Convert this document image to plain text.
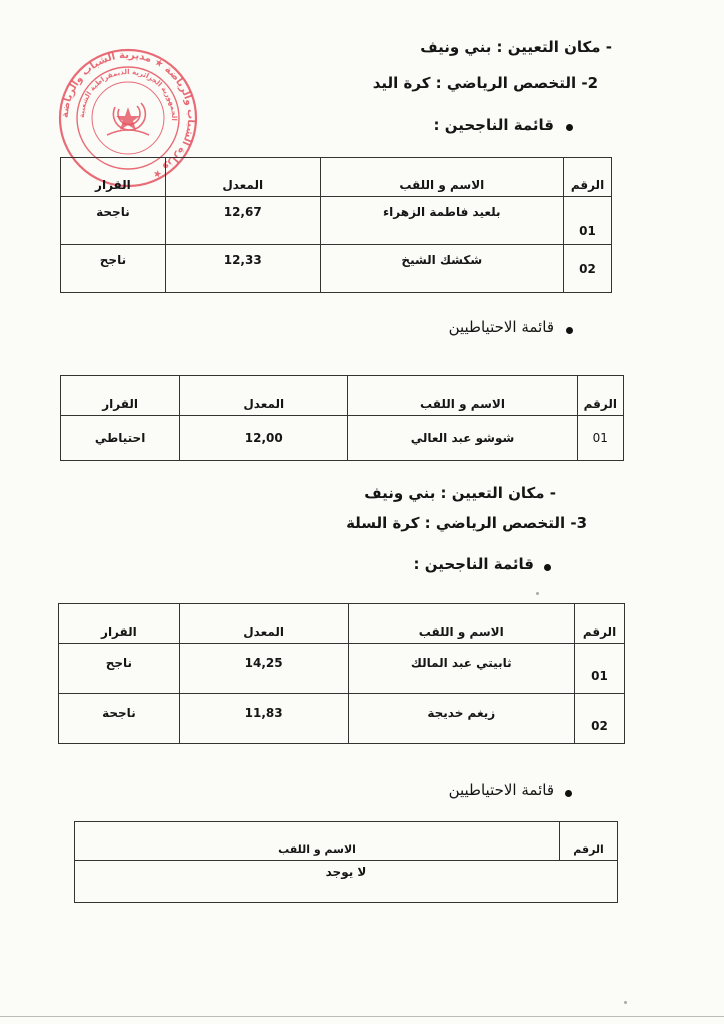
وزارة الشباب والرياضة ★ مديرية الشباب والرياضة ★
الجمهورية الجزائرية الديمقراطية الشعبية
- مكان التعيين : بني ونيف
2- التخصص الرياضي : كرة اليد
قائمة الناجحين :
الرقم	الاسم و اللقب	المعدل	القرار
01	بلعيد فاطمة الزهراء	12,67	ناجحة
02	شكشك الشيخ	12,33	ناجح
قائمة الاحتياطيين
الرقم	الاسم و اللقب	المعدل	القرار
01	شوشو عبد العالي	12,00	احتياطي
- مكان التعيين : بني ونيف
3- التخصص الرياضي : كرة السلة
قائمة الناجحين :
الرقم	الاسم و اللقب	المعدل	القرار
01	ثابيتي عبد المالك	14,25	ناجح
02	زيغم خديجة	11,83	ناجحة
قائمة الاحتياطيين
الرقم	الاسم و اللقب
لا يوجد
